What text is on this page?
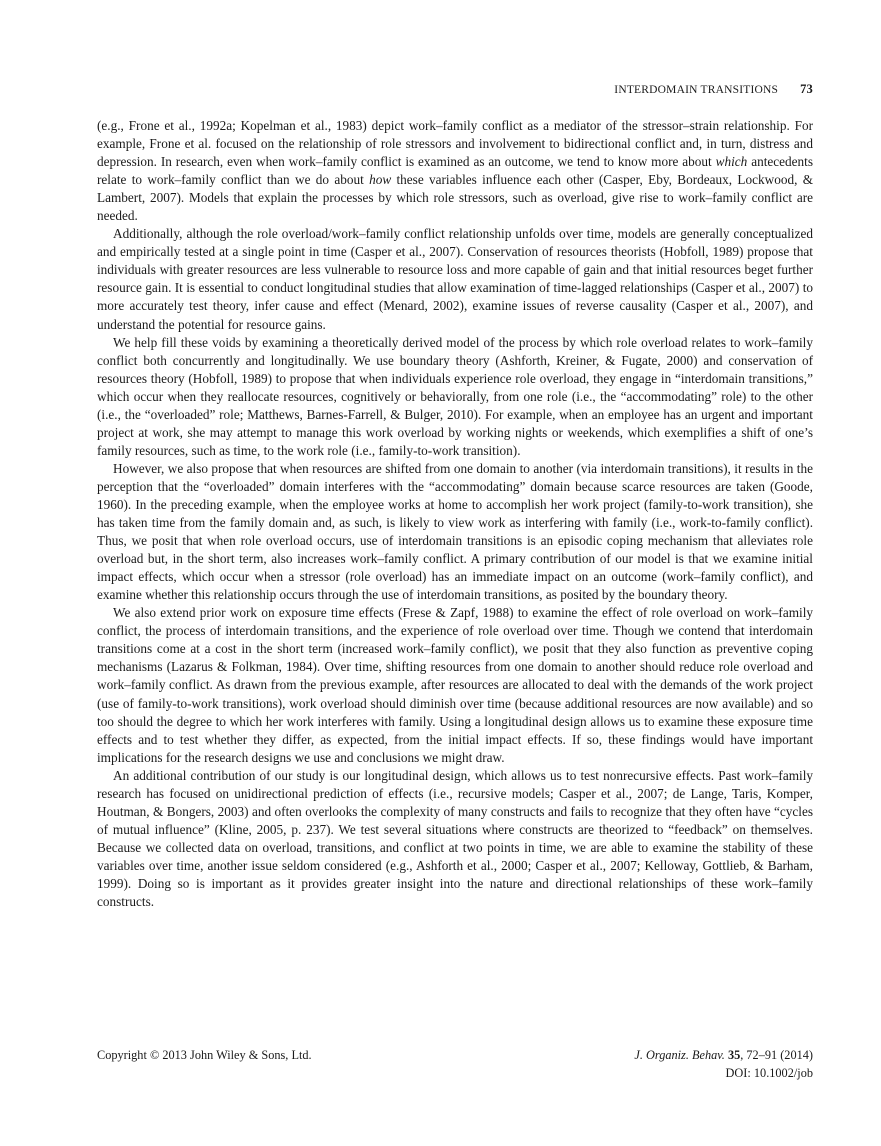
INTERDOMAIN TRANSITIONS 73

(e.g., Frone et al., 1992a; Kopelman et al., 1983) depict work–family conflict as a mediator of the stressor–strain relationship. For example, Frone et al. focused on the relationship of role stressors and involvement to bidirectional conflict and, in turn, distress and depression. In research, even when work–family conflict is examined as an outcome, we tend to know more about which antecedents relate to work–family conflict than we do about how these variables influence each other (Casper, Eby, Bordeaux, Lockwood, & Lambert, 2007). Models that explain the processes by which role stressors, such as overload, give rise to work–family conflict are needed.

Additionally, although the role overload/work–family conflict relationship unfolds over time, models are generally conceptualized and empirically tested at a single point in time (Casper et al., 2007). Conservation of resources theorists (Hobfoll, 1989) propose that individuals with greater resources are less vulnerable to resource loss and more capable of gain and that initial resources beget further resource gain. It is essential to conduct longitudinal studies that allow examination of time-lagged relationships (Casper et al., 2007) to more accurately test theory, infer cause and effect (Menard, 2002), examine issues of reverse causality (Casper et al., 2007), and understand the potential for resource gains.

We help fill these voids by examining a theoretically derived model of the process by which role overload relates to work–family conflict both concurrently and longitudinally. We use boundary theory (Ashforth, Kreiner, & Fugate, 2000) and conservation of resources theory (Hobfoll, 1989) to propose that when individuals experience role overload, they engage in “interdomain transitions,” which occur when they reallocate resources, cognitively or behaviorally, from one role (i.e., the “accommodating” role) to the other (i.e., the “overloaded” role; Matthews, Barnes-Farrell, & Bulger, 2010). For example, when an employee has an urgent and important project at work, she may attempt to manage this work overload by working nights or weekends, which exemplifies a shift of one’s family resources, such as time, to the work role (i.e., family-to-work transition).

However, we also propose that when resources are shifted from one domain to another (via interdomain transitions), it results in the perception that the “overloaded” domain interferes with the “accommodating” domain because scarce resources are taken (Goode, 1960). In the preceding example, when the employee works at home to accomplish her work project (family-to-work transition), she has taken time from the family domain and, as such, is likely to view work as interfering with family (i.e., work-to-family conflict). Thus, we posit that when role overload occurs, use of interdomain transitions is an episodic coping mechanism that alleviates role overload but, in the short term, also increases work–family conflict. A primary contribution of our model is that we examine initial impact effects, which occur when a stressor (role overload) has an immediate impact on an outcome (work–family conflict), and examine whether this relationship occurs through the use of interdomain transitions, as posited by the boundary theory.

We also extend prior work on exposure time effects (Frese & Zapf, 1988) to examine the effect of role overload on work–family conflict, the process of interdomain transitions, and the experience of role overload over time. Though we contend that interdomain transitions come at a cost in the short term (increased work–family conflict), we posit that they also function as preventive coping mechanisms (Lazarus & Folkman, 1984). Over time, shifting resources from one domain to another should reduce role overload and work–family conflict. As drawn from the previous example, after resources are allocated to deal with the demands of the work project (use of family-to-work transitions), work overload should diminish over time (because additional resources are now available) and so too should the degree to which her work interferes with family. Using a longitudinal design allows us to examine these exposure time effects and to test whether they differ, as expected, from the initial impact effects. If so, these findings would have important implications for the research designs we use and conclusions we might draw.

An additional contribution of our study is our longitudinal design, which allows us to test nonrecursive effects. Past work–family research has focused on unidirectional prediction of effects (i.e., recursive models; Casper et al., 2007; de Lange, Taris, Komper, Houtman, & Bongers, 2003) and often overlooks the complexity of many constructs and fails to recognize that they often have “cycles of mutual influence” (Kline, 2005, p. 237). We test several situations where constructs are theorized to “feedback” on themselves. Because we collected data on overload, transitions, and conflict at two points in time, we are able to examine the stability of these variables over time, another issue seldom considered (e.g., Ashforth et al., 2000; Casper et al., 2007; Kelloway, Gottlieb, & Barham, 1999). Doing so is important as it provides greater insight into the nature and directional relationships of these work–family constructs.

Copyright © 2013 John Wiley & Sons, Ltd.	J. Organiz. Behav. 35, 72–91 (2014)
DOI: 10.1002/job
